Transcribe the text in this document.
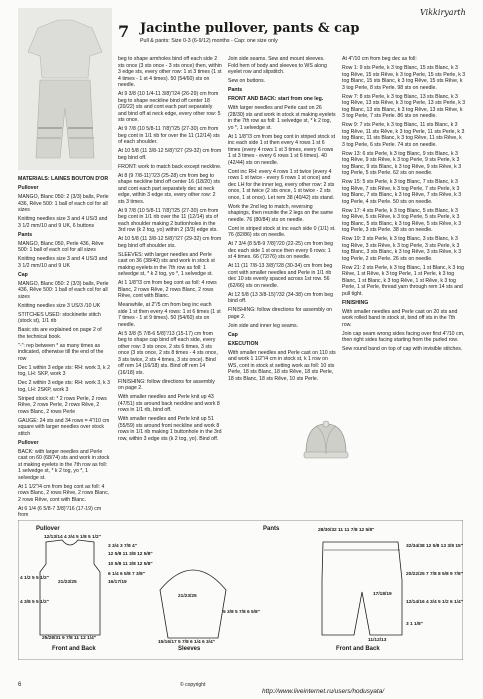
7 Jacinthe pullover, pants & cap
Pull & pants: Size 0-3 (6-9/12) months - Cap: one size only
Vikkiryarth

MATERIALS: LAINES BOUTON D'OR

Pullover

MANGO, Blanc 050: 2 (3/3) balls, Perle 436, Rêve 500: 1 ball of each col for all sizes

Knitting needles size 3 and 4 US/3 and 3 1/2 mm/10 and 9 UK, 6 buttons

Pants

MANGO, Blanc 050, Perle 436, Rêve 500: 1 ball of each col for all sizes

Knitting needles size 3 and 4 US/3 and 3 1/2 mm/10 and 9 UK

Cap

MANGO, Blanc 050: 2 (3/3) balls, Perle 436, Rêve 500: 1 ball of each col for all sizes

Knitting needles size 3 US/3 /10 UK

STITCHES USED: stockinette stitch (stock st), 1/1 rib

Basic sts are explained on page 2 of the technical book.

"-": rep between * as many times as indicated, otherwise till the end of the row

Dec 1 within 3 edge sts: RH: work 3, k 2 tog, LH: SKP, work 3

Dec 2 within 3 edge sts: RH: work 3, k 3 tog, LH: 2SKP, work 3

Striped stock st: * 2 rows Perle, 2 rows Rêve, 2 rows Perle, 2 rows Rêve, 2 rows Blanc, 2 rows Perle

GAUGE: 24 sts and 34 rows = 4"/10 cm square with larger needles over stock stitch

Pullover

BACK: with larger needles and Perle cast on 60 (68/74) sts and work in stock st making eyelets in the 7th row as foll: 1 selvedge st, * k 2 tog, yo *, 1 selvedge st.

At 1 1/2"/4 cm from beg cont as foll: 4 rows Blanc, 2 rows Rêve, 2 rows Blanc, 2 rows Rêve, cont with Blanc.

At 6 1/4 (6 5/8-7 3/8)"/16 (17-19) cm from

beg to shape armholes bind off each side 2 sts once (3 sts once - 3 sts once) then, within 3 edge sts, every other row: 1 st 3 times (1 st 4 times - 1 st 4 times). 50 (54/60) sts on needle.

At 9 3/8 (10 1/4-11 3/8)"/24 (26-29) cm from beg to shape neckline bind off center 18 (20/22) sts and cont each part separately and bind off at neck edge, every other row: 5 sts once.

At 9 7/8 (10 5/8-11 7/8)"/25 (27-30) cm from beg cont in 1/1 rib for over the 11 (12/14) sts of each shoulder.

At 10 5/8 (11 3/8-12 5/8)"/27 (29-32) cm from beg bind off.

FRONT: work to match back except neckline.

At 8 (9 7/8-11)"/23 (25-28) cm from beg to shape neckline bind off center 16 (18/20) sts and cont each part separately dec at neck edge, within 3 edge sts, every other row: 2 sts 3 times.

At 9 7/8 (10 5/8-11 7/8)"/25 (27-30) cm from beg cont in 1/1 rib over the 11 (12/14) sts of each shoulder making 2 buttonholes in the 3rd row (k 2 tog, yo) within 2 (3/3) edge sts.

At 10 5/8 (11 3/8-12 5/8)"/27 (29-32) cm from beg bind off shoulder sts.

SLEEVES: with larger needles and Perle cast on 36 (38/40) sts and work in stock st making eyelets in the 7th row as foll: 1 selvedge st, * k 2 tog, yo *, 1 selvedge st.

At 1 1/8"/3 cm from beg cont as foll: 4 rows Blanc, 2 rows Rêve, 2 rows Blanc, 2 rows Rêve, cont with Blanc.

Meanwhile, at 2"/5 cm from beg inc each side 1 st then every 4 rows: 1 st 6 times (1 st 7 times - 1 st 9 times). 50 (54/60) sts on needle.

At 5 3/8 (5 7/8-6 5/8)"/13 (15-17) cm from beg to shape cap bind off each side, every other row: 3 sts once, 2 sts 6 times, 3 sts once (3 sts once, 2 sts 8 times - 4 sts once, 3 sts twice, 2 sts 4 times, 3 sts once). Bind off rem 14 (16/18) sts. Bind off rem 14 (16/18) sts.

FINISHING: follow directions for assembly on page 2.

With smaller needles and Perle knit up 43 (47/51) sts around back neckline and work 8 rows in 1/1 rib, bind off.

With smaller needles and Perle knit up 51 (55/59) sts around front neckline and work 8 rows in 1/1 rib making 1 buttonhole in the 3rd row, within 3 edge sts (k 2 tog, yo). Bind off.

Join side seams. Sew and mount sleeves. Fold hem of body and sleeves to WS along eyelet row and slipstitch.

Sew on buttons.

Pants

FRONT AND BACK: start from one leg.

With larger needles and Perle cast on 26 (28/30) sts and work in stock st making eyelets in the 7th row as foll: 1 selvedge st, * k 2 tog, yo *, 1 selvedge st.

At 1 1/8"/3 cm from beg cont in striped stock st inc each side 1 st then every 4 rows 1 st 6 times (every 4 rows 1 st 3 times, every 6 rows 1 st 3 times - every 6 rows 1 st 6 times). 40 (42/44) sts on needle.

Cont inc RH: every 4 rows 1 st twice (every 4 rows 1 st twice - every 6 rows 1 st once) and dec LH for the inner leg, every other row: 2 sts once, 1 st twice (2 sts once, 1 st twice - 2 sts once, 1 st once). Let rem 38 (40/42) sts stand.

Work the 2nd leg to match, reversing shapings, then reunite the 2 legs on the same needle. 76 (80/84) sts on needle.

Cont in striped stock st inc each side 0 (1/1) st. 76 (82/86) sts on needle.

At 7 3/4 (8 5/8-9 7/8)"/20 (22-25) cm from beg dec each side 1 st once then every 6 rows: 1 st 4 times. 66 (72/76) sts on needle.

At 11 (11 7/8-13 3/8)"/28 (30-34) cm from beg cont with smaller needles and Perle in 1/1 rib dec 10 sts evenly spaced across 1st row. 56 (62/66) sts on needle.

At 12 5/8 (13 3/8-15)"/32 (34-38) cm from beg bind off.

FINISHING: follow directions for assembly on page 2.

Join side and inner leg seams.

Cap

EXECUTION

With smaller needles and Perle cast on 110 sts and work 1 1/2"/4 cm in stock st, k 1 row on WS, cont in stock st setting work as foll: 10 sts Perle, 18 sts Blanc, 18 sts Rêve, 18 sts Perle, 18 sts Blanc, 18 sts Rêve, 10 sts Perle.

At 4"/10 cm from beg dec as foll:

Row 1: 9 sts Perle, k 3 tog Blanc, 15 sts Blanc, k 3 tog Rêve, 15 sts Rêve, k 3 tog Perle, 15 sts Perle, k 3 tog Blanc, 15 sts Blanc, k 3 tog Rêve, 15 sts Rêve, k 3 tog Perle, 8 sts Perle. 98 sts on needle.

Row 7: 8 sts Perle, k 3 tog Blanc, 13 sts Blanc, k 3 tog Rêve, 13 sts Rêve, k 3 tog Perle, 13 sts Perle, k 3 tog Blanc, 13 sts Blanc, k 3 tog Rêve, 13 sts Rêve, k 3 tog Perle, 7 sts Perle. 86 sts on needle.

Row 9: 7 sts Perle, k 3 tog Blanc, 11 sts Blanc, k 3 tog Rêve, 11 sts Rêve, k 3 tog Perle, 11 sts Perle, k 3 tog Blanc, 11 sts Blanc, k 3 tog Rêve, 11 sts Rêve, k 3 tog Perle, 6 sts Perle. 74 sts on needle.

Row 13: 6 sts Perle, k 3 tog Blanc, 9 sts Blanc, k 3 tog Rêve, 9 sts Rêve, k 3 tog Perle, 9 sts Perle, k 3 tog Blanc, 9 sts Blanc, k 3 tog Rêve, 9 sts Rêve, k 3 tog Perle, 5 sts Perle. 62 sts on needle.

Row 15: 5 sts Perle, k 3 tog Blanc, 7 sts Blanc, k 3 tog Rêve, 7 sts Rêve, k 3 tog Perle, 7 sts Perle, k 3 tog Blanc, 7 sts Blanc, k 3 tog Rêve, 7 sts Rêve, k 3 tog Perle, 4 sts Perle. 50 sts on needle.

Row 17: 4 sts Perle, k 3 tog Blanc, 5 sts Blanc, k 3 tog Rêve, 5 sts Rêve, k 3 tog Perle, 5 sts Perle, k 3 tog Blanc, 5 sts Blanc, k 3 tog Rêve, 5 sts Rêve, k 3 tog Perle, 3 sts Perle. 38 sts on needle.

Row 19: 3 sts Perle, k 3 tog Blanc, 3 sts Blanc, k 3 tog Rêve, 3 sts Rêve, k 3 tog Perle, 3 sts Perle, k 3 tog Blanc, 3 sts Blanc, k 3 tog Rêve, 3 sts Rêve, k 3 tog Perle, 2 sts Perle. 26 sts on needle.

Row 21: 2 sts Perle, k 3 tog Blanc, 1 st Blanc, k 3 tog Rêve, 1 st Rêve, k 3 tog Perle, 1 st Perle, k 3 tog Blanc, 1 st Blanc, k 3 tog Rêve, 1 st Rêve, k 3 tog Perle, 1 st Perle, thread yarn through rem 14 sts and pull tight.

FINISHING

With smaller needles and Perle cast on 20 sts and work rolled band in stock st, bind off sts in the 7th row.

Join cap seam wrong sides facing over first 4"/10 cm, then right sides facing starting from the purled row.

Sew round band on top of cap with invisible stitches.

Pullover	Pants
Front and Back	Sleeves	Front and Back
12/13/14 4 3/4 5 1/8 5 1/2"
4 1/2 5 5 1/2"
21/23/25
4 3/8 5 5 1/2"
25/28/31 9 7/8 11 12 1/4"
3 3/4 3 7/8 4"
12 5/8 11 3/8 12 5/8"
10 5/8 11 3/8 12 5/8"
6 1/4 6 5/8 7 3/8"
16/17/19
21/23/25
5 3/8 5 7/8 6 5/8"
15/16/17 5 7/8 6 1/4 6 3/4"
28/30/32 11 11 7/8 12 5/8"
32/34/38 12 5/8 13 3/8 15"
20/22/25 7 7/8 8 5/8 9 7/8"
12/14/16 4 3/4 5 1/2 6 1/4"
17/18/19
3 1 1/8"
11/12/13
6	© copyright
http://www.liveinternet.ru/users/hodusyata/
